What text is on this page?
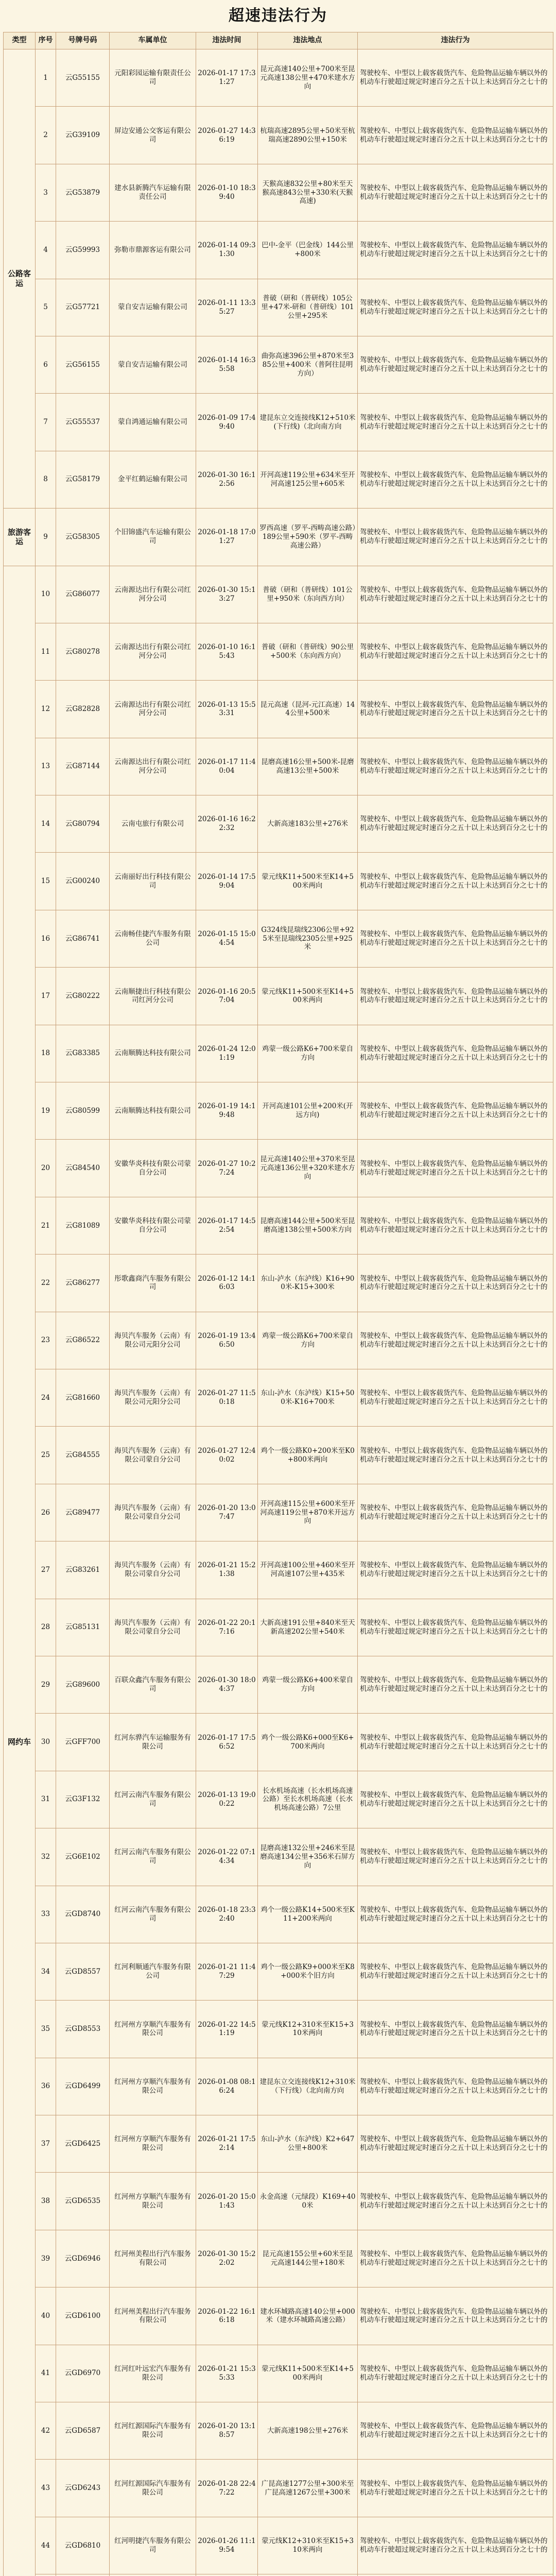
超速违法行为
类型	序号	号牌号码	车属单位	违法时间	违法地点	违法行为
公路客运	1	云G55155	元阳彩园运输有限责任公司	2026-01-17 17:31:27	昆元高速140公里+700米至昆元高速138公里+470米建水方向	驾驶校车、中型以上载客载货汽车、危险物品运输车辆以外的机动车行驶超过规定时速百分之五十以上未达到百分之七十的
	2	云G39109	屏边安通公交客运有限公司	2026-01-27 14:36:19	杭瑞高速2895公里+50米至杭瑞高速2890公里+150米	驾驶校车、中型以上载客载货汽车、危险物品运输车辆以外的机动车行驶超过规定时速百分之五十以上未达到百分之七十的
	3	云G53879	建水县新腾汽车运输有限责任公司	2026-01-10 18:39:40	天猴高速832公里+80米至天猴高速843公里+330米(天猴高速)	驾驶校车、中型以上载客载货汽车、危险物品运输车辆以外的机动车行驶超过规定时速百分之五十以上未达到百分之七十的
	4	云G59993	弥勒市鼎源客运有限公司	2026-01-14 09:31:30	巴中-金平（巴金线）144公里+800米	驾驶校车、中型以上载客载货汽车、危险物品运输车辆以外的机动车行驶超过规定时速百分之五十以上未达到百分之七十的
	5	云G57721	蒙自安吉运输有限公司	2026-01-11 13:35:27	普破（研和（普研线）105公里+47米-研和（普研线）101公里+295米	驾驶校车、中型以上载客载货汽车、危险物品运输车辆以外的机动车行驶超过规定时速百分之五十以上未达到百分之七十的
	6	云G56155	蒙自安吉运输有限公司	2026-01-14 16:35:58	曲弥高速396公里+870米至385公里+400米（普阿往昆明方向）	驾驶校车、中型以上载客载货汽车、危险物品运输车辆以外的机动车行驶超过规定时速百分之五十以上未达到百分之七十的
	7	云G55537	蒙自鸿通运输有限公司	2026-01-09 17:49:40	建昆东立交连接线K12+510米(下行线)（北向南方向	驾驶校车、中型以上载客载货汽车、危险物品运输车辆以外的机动车行驶超过规定时速百分之五十以上未达到百分之七十的
	8	云G58179	金平红鹤运输有限公司	2026-01-30 16:12:56	开河高速119公里+634米至开河高速125公里+605米	驾驶校车、中型以上载客载货汽车、危险物品运输车辆以外的机动车行驶超过规定时速百分之五十以上未达到百分之七十的
旅游客运	9	云G58305	个旧锦盛汽车运输有限公司	2026-01-18 17:01:27	罗西高速（罗平-西畴高速公路）189公里+590米（罗平-西畴高速公路）	驾驶校车、中型以上载客载货汽车、危险物品运输车辆以外的机动车行驶超过规定时速百分之五十以上未达到百分之七十的
网约车	10	云G86077	云南源达出行有限公司红河分公司	2026-01-30 15:13:27	普破（研和（普研线）101公里+950米（东向西方向）	驾驶校车、中型以上载客载货汽车、危险物品运输车辆以外的机动车行驶超过规定时速百分之五十以上未达到百分之七十的
	11	云G80278	云南源达出行有限公司红河分公司	2026-01-10 16:15:43	普破（研和（普研线）90公里+500米（东向西方向）	驾驶校车、中型以上载客载货汽车、危险物品运输车辆以外的机动车行驶超过规定时速百分之五十以上未达到百分之七十的
	12	云G82828	云南源达出行有限公司红河分公司	2026-01-13 15:53:31	昆元高速（昆河-元江高速）144公里+500米	驾驶校车、中型以上载客载货汽车、危险物品运输车辆以外的机动车行驶超过规定时速百分之五十以上未达到百分之七十的
	13	云G87144	云南源达出行有限公司红河分公司	2026-01-17 11:40:04	昆磨高速16公里+500米-昆磨高速13公里+500米	驾驶校车、中型以上载客载货汽车、危险物品运输车辆以外的机动车行驶超过规定时速百分之五十以上未达到百分之七十的
	14	云G80794	云南屯旅行有限公司	2026-01-16 16:22:32	大新高速183公里+276米	驾驶校车、中型以上载客载货汽车、危险物品运输车辆以外的机动车行驶超过规定时速百分之五十以上未达到百分之七十的
	15	云G00240	云南丽好出行科技有限公司	2026-01-14 17:59:04	蒙元线K11+500米至K14+500米两向	驾驶校车、中型以上载客载货汽车、危险物品运输车辆以外的机动车行驶超过规定时速百分之五十以上未达到百分之七十的
	16	云G86741	云南畅佳捷汽车服务有限公司	2026-01-15 15:04:54	G324线昆瑞线2306公里+925米至昆瑞线2305公里+925米	驾驶校车、中型以上载客载货汽车、危险物品运输车辆以外的机动车行驶超过规定时速百分之五十以上未达到百分之七十的
	17	云G80222	云南顺捷出行科技有限公司红河分公司	2026-01-16 20:57:04	蒙元线K11+500米至K14+500米两向	驾驶校车、中型以上载客载货汽车、危险物品运输车辆以外的机动车行驶超过规定时速百分之五十以上未达到百分之七十的
	18	云G83385	云南顺腾达科技有限公司	2026-01-24 12:01:19	鸡蒙一级公路K6+700米蒙自方向	驾驶校车、中型以上载客载货汽车、危险物品运输车辆以外的机动车行驶超过规定时速百分之五十以上未达到百分之七十的
	19	云G80599	云南顺腾达科技有限公司	2026-01-19 14:19:48	开河高速101公里+200米(开远方向)	驾驶校车、中型以上载客载货汽车、危险物品运输车辆以外的机动车行驶超过规定时速百分之五十以上未达到百分之七十的
	20	云G84540	安徽华炎科技有限公司蒙自分公司	2026-01-27 10:27:24	昆元高速140公里+370米至昆元高速136公里+320米建水方向	驾驶校车、中型以上载客载货汽车、危险物品运输车辆以外的机动车行驶超过规定时速百分之五十以上未达到百分之七十的
	21	云G81089	安徽华炎科技有限公司蒙自分公司	2026-01-17 14:52:54	昆磨高速144公里+500米至昆磨高速138公里+500米方向	驾驶校车、中型以上载客载货汽车、危险物品运输车辆以外的机动车行驶超过规定时速百分之五十以上未达到百分之七十的
	22	云G86277	彤歌鑫商汽车服务有限公司	2026-01-12 14:16:03	东山-泸水（东泸线）K16+900米-K15+300米	驾驶校车、中型以上载客载货汽车、危险物品运输车辆以外的机动车行驶超过规定时速百分之五十以上未达到百分之七十的
	23	云G86522	海贝汽车服务（云南）有限公司元阳分公司	2026-01-19 13:46:50	鸡蒙一级公路K6+700米蒙自方向	驾驶校车、中型以上载客载货汽车、危险物品运输车辆以外的机动车行驶超过规定时速百分之五十以上未达到百分之七十的
	24	云G81660	海贝汽车服务（云南）有限公司元阳分公司	2026-01-27 11:50:18	东山-泸水（东泸线）K15+500米-K16+700米	驾驶校车、中型以上载客载货汽车、危险物品运输车辆以外的机动车行驶超过规定时速百分之五十以上未达到百分之七十的
	25	云G84555	海贝汽车服务（云南）有限公司蒙自分公司	2026-01-27 12:40:02	鸡个一级公路K0+200米至K0+800米两向	驾驶校车、中型以上载客载货汽车、危险物品运输车辆以外的机动车行驶超过规定时速百分之五十以上未达到百分之七十的
	26	云G89477	海贝汽车服务（云南）有限公司蒙自分公司	2026-01-20 13:07:47	开河高速115公里+600米至开河高速119公里+870米开远方向	驾驶校车、中型以上载客载货汽车、危险物品运输车辆以外的机动车行驶超过规定时速百分之五十以上未达到百分之七十的
	27	云G83261	海贝汽车服务（云南）有限公司蒙自分公司	2026-01-21 15:21:38	开河高速100公里+460米至开河高速107公里+435米	驾驶校车、中型以上载客载货汽车、危险物品运输车辆以外的机动车行驶超过规定时速百分之五十以上未达到百分之七十的
	28	云G85131	海贝汽车服务（云南）有限公司蒙自分公司	2026-01-22 20:17:16	大新高速191公里+840米至天新高速202公里+540米	驾驶校车、中型以上载客载货汽车、危险物品运输车辆以外的机动车行驶超过规定时速百分之五十以上未达到百分之七十的
	29	云G89600	百联众鑫汽车服务有限公司	2026-01-30 18:04:37	鸡蒙一级公路K6+400米蒙自方向	驾驶校车、中型以上载客载货汽车、危险物品运输车辆以外的机动车行驶超过规定时速百分之五十以上未达到百分之七十的
	30	云GFF700	红河东骅汽车运输服务有限公司	2026-01-17 17:56:52	鸡个一级公路K6+000至K6+700米两向	驾驶校车、中型以上载客载货汽车、危险物品运输车辆以外的机动车行驶超过规定时速百分之五十以上未达到百分之七十的
	31	云G3F132	红河云南汽车服务有限公司	2026-01-13 19:00:22	长水机场高速（长水机场高速公路）至长水机场高速（长水机场高速公路）7公里	驾驶校车、中型以上载客载货汽车、危险物品运输车辆以外的机动车行驶超过规定时速百分之五十以上未达到百分之七十的
	32	云G6E102	红河云南汽车服务有限公司	2026-01-22 07:14:34	昆磨高速132公里+246米至昆磨高速134公里+356米石屏方向	驾驶校车、中型以上载客载货汽车、危险物品运输车辆以外的机动车行驶超过规定时速百分之五十以上未达到百分之七十的
	33	云GD8740	红河云南汽车服务有限公司	2026-01-18 23:32:40	鸡个一级公路K14+500米至K11+200米两向	驾驶校车、中型以上载客载货汽车、危险物品运输车辆以外的机动车行驶超过规定时速百分之五十以上未达到百分之七十的
	34	云GD8557	红河利顺通汽车服务有限公司	2026-01-21 11:47:29	鸡个一级公路K9+000米至K8+000米个旧方向	驾驶校车、中型以上载客载货汽车、危险物品运输车辆以外的机动车行驶超过规定时速百分之五十以上未达到百分之七十的
	35	云GD8553	红河州方享顺汽车服务有限公司	2026-01-22 14:51:19	蒙元线K12+310米至K15+310米两向	驾驶校车、中型以上载客载货汽车、危险物品运输车辆以外的机动车行驶超过规定时速百分之五十以上未达到百分之七十的
	36	云GD6499	红河州方享顺汽车服务有限公司	2026-01-08 08:16:24	建昆东立交连接线K12+310米（下行线）（北向南方向	驾驶校车、中型以上载客载货汽车、危险物品运输车辆以外的机动车行驶超过规定时速百分之五十以上未达到百分之七十的
	37	云GD6425	红河州方享顺汽车服务有限公司	2026-01-21 17:52:14	东山-泸水（东泸线）K2+647公里+800米	驾驶校车、中型以上载客载货汽车、危险物品运输车辆以外的机动车行驶超过规定时速百分之五十以上未达到百分之七十的
	38	云GD6535	红河州方享顺汽车服务有限公司	2026-01-20 15:01:43	永金高速（元绿段）K169+400米	驾驶校车、中型以上载客载货汽车、危险物品运输车辆以外的机动车行驶超过规定时速百分之五十以上未达到百分之七十的
	39	云GD6946	红河州美程出行汽车服务有限公司	2026-01-30 15:22:02	昆元高速155公里+60米至昆元高速144公里+180米	驾驶校车、中型以上载客载货汽车、危险物品运输车辆以外的机动车行驶超过规定时速百分之五十以上未达到百分之七十的
	40	云GD6100	红河州美程出行汽车服务有限公司	2026-01-22 16:16:18	建水环城路高速140公里+000米（建水环城路高速公路）	驾驶校车、中型以上载客载货汽车、危险物品运输车辆以外的机动车行驶超过规定时速百分之五十以上未达到百分之七十的
	41	云GD6970	红河红叶远宏汽车服务有限公司	2026-01-21 15:35:33	蒙元线K11+500米至K14+500米两向	驾驶校车、中型以上载客载货汽车、危险物品运输车辆以外的机动车行驶超过规定时速百分之五十以上未达到百分之七十的
	42	云GD6587	红河红源国际汽车服务有限公司	2026-01-20 13:18:57	大新高速198公里+276米	驾驶校车、中型以上载客载货汽车、危险物品运输车辆以外的机动车行驶超过规定时速百分之五十以上未达到百分之七十的
	43	云GD6243	红河红源国际汽车服务有限公司	2026-01-28 22:47:22	广昆高速1277公里+300米至广昆高速1267公里+300米	驾驶校车、中型以上载客载货汽车、危险物品运输车辆以外的机动车行驶超过规定时速百分之五十以上未达到百分之七十的
	44	云GD6810	红河明捷汽车服务有限公司	2026-01-26 11:19:54	蒙元线K12+310米至K15+310米两向	驾驶校车、中型以上载客载货汽车、危险物品运输车辆以外的机动车行驶超过规定时速百分之五十以上未达到百分之七十的
